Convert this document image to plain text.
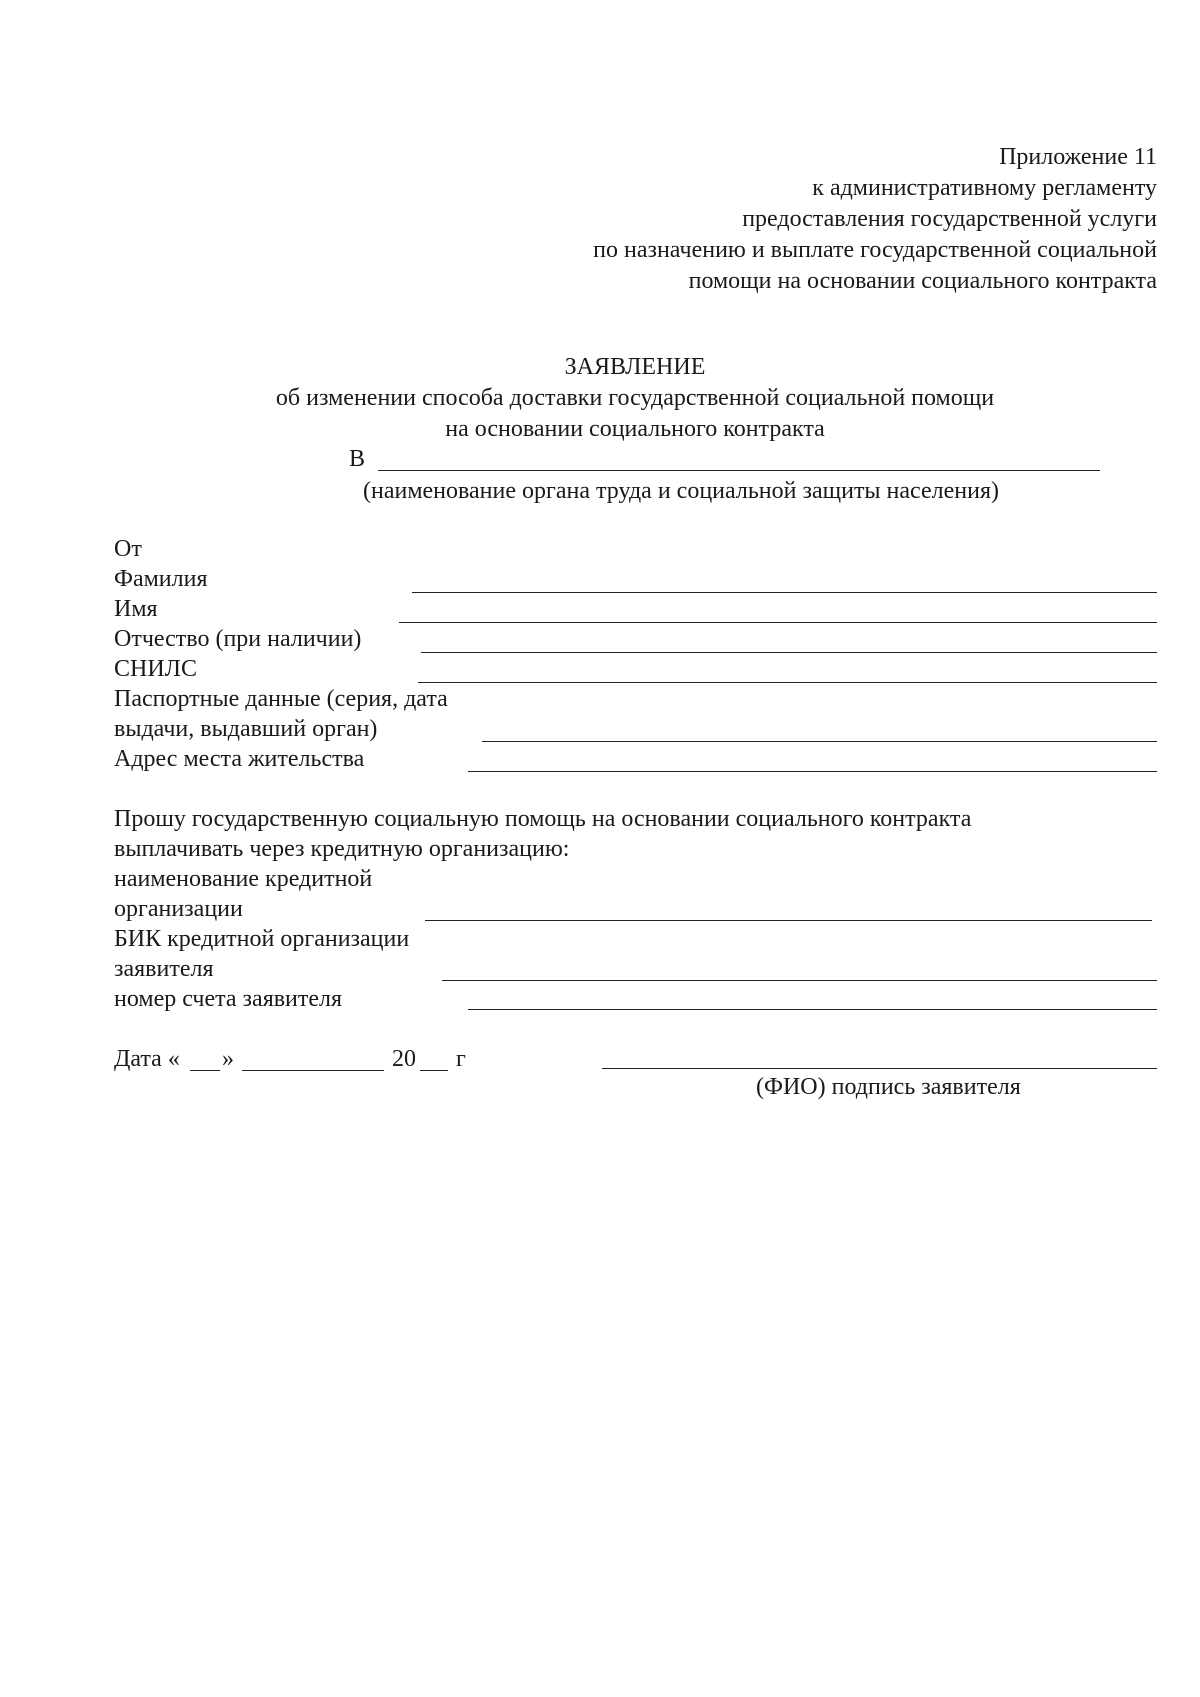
Приложение 11
к административному регламенту
предоставления государственной услуги
по назначению и выплате государственной социальной
помощи на основании социального контракта
ЗАЯВЛЕНИЕ
об изменении способа доставки государственной социальной помощи
на основании социального контракта
В
(наименование органа труда и социальной защиты населения)
От
Фамилия
Имя
Отчество (при наличии)
СНИЛС
Паспортные данные (серия, дата
выдачи, выдавший орган)
Адрес места жительства
Прошу государственную социальную помощь на основании социального контракта
выплачивать через кредитную организацию:
наименование кредитной
организации
БИК кредитной организации
заявителя
номер счета заявителя
Дата « »	20 г
(ФИО) подпись заявителя
